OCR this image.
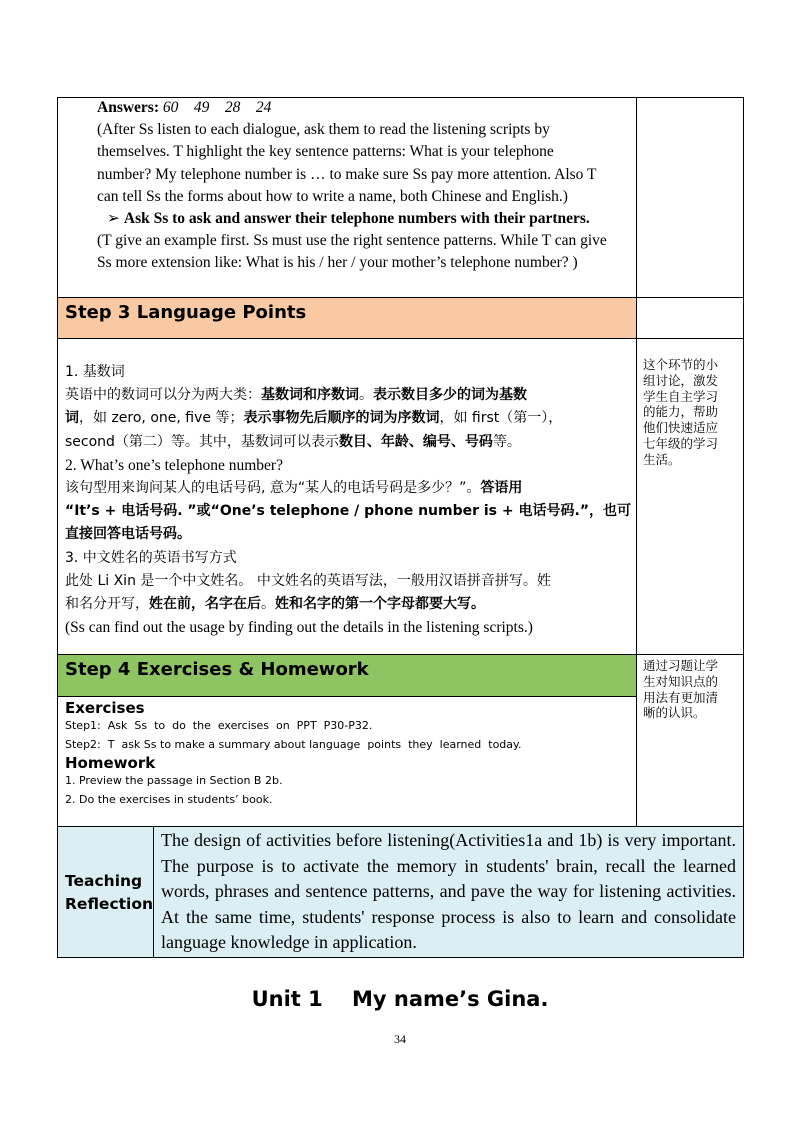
Answers: 60    49    28    24
(After Ss listen to each dialogue, ask them to read the listening scripts by
themselves. T highlight the key sentence patterns: What is your telephone
number? My telephone number is … to make sure Ss pay more attention. Also T
can tell Ss the forms about how to write a name, both Chinese and English.)
➢ Ask Ss to ask and answer their telephone numbers with their partners.
(T give an example first. Ss must use the right sentence patterns. While T can give
Ss more extension like: What is his / her / your mother’s telephone number? )
Step 3 Language Points
1. 基数词
英语中的数词可以分为两大类：基数词和序数词。表示数目多少的词为基数
词，如 zero, one, five 等；表示事物先后顺序的词为序数词，如 first（第一），
second（第二）等。其中，基数词可以表示数目、年龄、编号、号码等。
2. What’s one’s telephone number?
该句型用来询问某人的电话号码, 意为“某人的电话号码是多少？”。答语用
“It’s + 电话号码. ”或“One’s telephone / phone number is + 电话号码.”，也可
直接回答电话号码。
3. 中文姓名的英语书写方式
此处 Li Xin 是一个中文姓名。 中文姓名的英语写法，一般用汉语拼音拼写。姓
和名分开写，姓在前，名字在后。姓和名字的第一个字母都要大写。
(Ss can find out the usage by finding out the details in the listening scripts.)
这个环节的小
组讨论，激发
学生自主学习
的能力，帮助
他们快速适应
七年级的学习
生活。
Step 4 Exercises & Homework	通过习题让学
生对知识点的
用法有更加清
晰的认识。
Exercises
Step1:  Ask  Ss  to  do  the  exercises  on  PPT  P30-P32.
Step2:  T  ask Ss to make a summary about language  points  they  learned  today.
Homework
1. Preview the passage in Section B 2b.
2. Do the exercises in students’ book.
Teaching
Reflection
The design of activities before listening(Activities1a and 1b) is very important. The purpose is to activate the memory in students' brain, recall the learned words, phrases and sentence patterns, and pave the way for listening activities. At the same time, students' response process is also to learn and consolidate language knowledge in application.
Unit 1    My name’s Gina.
34
